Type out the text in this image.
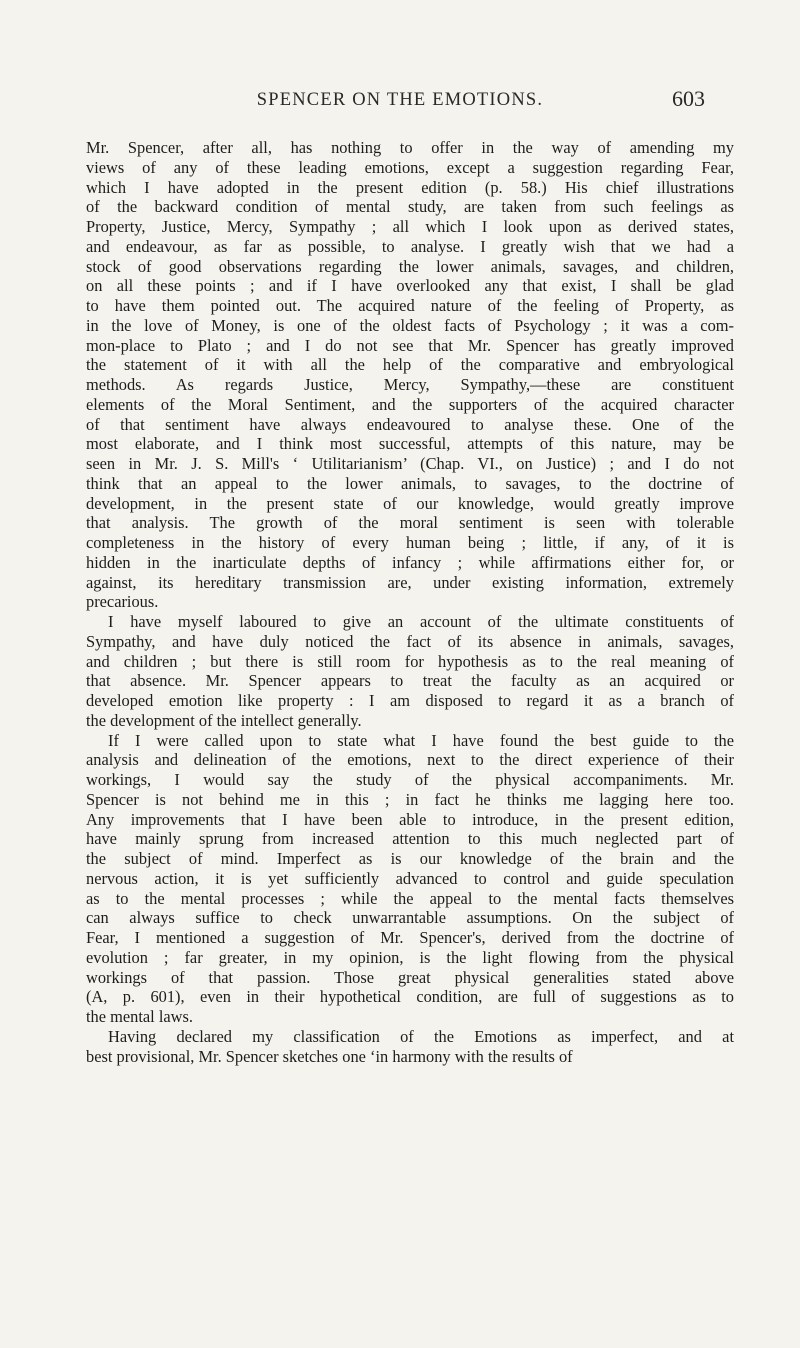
SPENCER ON THE EMOTIONS.	603
Mr. Spencer, after all, has nothing to offer in the way of amending my
views of any of these leading emotions, except a suggestion regarding Fear,
which I have adopted in the present edition (p. 58.) His chief illustrations
of the backward condition of mental study, are taken from such feelings as
Property, Justice, Mercy, Sympathy ; all which I look upon as derived states,
and endeavour, as far as possible, to analyse. I greatly wish that we had a
stock of good observations regarding the lower animals, savages, and children,
on all these points ; and if I have overlooked any that exist, I shall be glad
to have them pointed out. The acquired nature of the feeling of Property, as
in the love of Money, is one of the oldest facts of Psychology ; it was a com-
mon-place to Plato ; and I do not see that Mr. Spencer has greatly improved
the statement of it with all the help of the comparative and embryological
methods. As regards Justice, Mercy, Sympathy,—these are constituent
elements of the Moral Sentiment, and the supporters of the acquired character
of that sentiment have always endeavoured to analyse these. One of the
most elaborate, and I think most successful, attempts of this nature, may be
seen in Mr. J. S. Mill's ‘ Utilitarianism’ (Chap. VI., on Justice) ; and I do not
think that an appeal to the lower animals, to savages, to the doctrine of
development, in the present state of our knowledge, would greatly improve
that analysis. The growth of the moral sentiment is seen with tolerable
completeness in the history of every human being ; little, if any, of it is
hidden in the inarticulate depths of infancy ; while affirmations either for, or
against, its hereditary transmission are, under existing information, extremely
precarious.
I have myself laboured to give an account of the ultimate constituents of
Sympathy, and have duly noticed the fact of its absence in animals, savages,
and children ; but there is still room for hypothesis as to the real meaning of
that absence. Mr. Spencer appears to treat the faculty as an acquired or
developed emotion like property : I am disposed to regard it as a branch of
the development of the intellect generally.
If I were called upon to state what I have found the best guide to the
analysis and delineation of the emotions, next to the direct experience of their
workings, I would say the study of the physical accompaniments. Mr.
Spencer is not behind me in this ; in fact he thinks me lagging here too.
Any improvements that I have been able to introduce, in the present edition,
have mainly sprung from increased attention to this much neglected part of
the subject of mind. Imperfect as is our knowledge of the brain and the
nervous action, it is yet sufficiently advanced to control and guide speculation
as to the mental processes ; while the appeal to the mental facts themselves
can always suffice to check unwarrantable assumptions. On the subject of
Fear, I mentioned a suggestion of Mr. Spencer's, derived from the doctrine of
evolution ; far greater, in my opinion, is the light flowing from the physical
workings of that passion. Those great physical generalities stated above
(A, p. 601), even in their hypothetical condition, are full of suggestions as to
the mental laws.
Having declared my classification of the Emotions as imperfect, and at
best provisional, Mr. Spencer sketches one ‘in harmony with the results of
